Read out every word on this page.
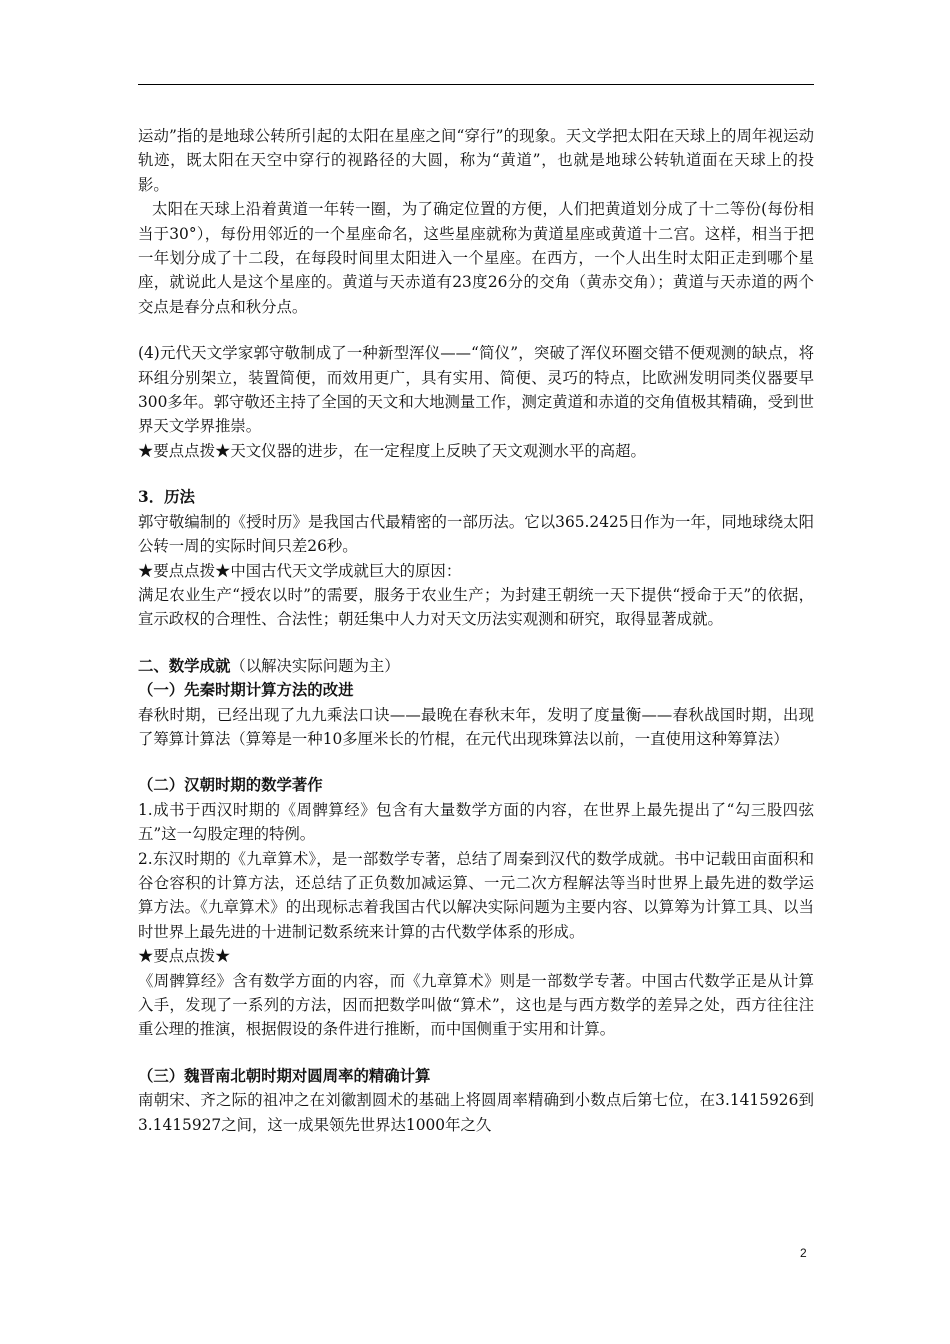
运动”指的是地球公转所引起的太阳在星座之间“穿行”的现象。天文学把太阳在天球上的周年视运动轨迹，既太阳在天空中穿行的视路径的大圆，称为“黄道”，也就是地球公转轨道面在天球上的投影。

太阳在天球上沿着黄道一年转一圈，为了确定位置的方便，人们把黄道划分成了十二等份(每份相当于30°），每份用邻近的一个星座命名，这些星座就称为黄道星座或黄道十二宫。这样，相当于把一年划分成了十二段，在每段时间里太阳进入一个星座。在西方，一个人出生时太阳正走到哪个星座，就说此人是这个星座的。黄道与天赤道有23度26分的交角（黄赤交角）；黄道与天赤道的两个交点是春分点和秋分点。

(4)元代天文学家郭守敬制成了一种新型浑仪——“简仪”，突破了浑仪环圈交错不便观测的缺点，将环组分别架立，装置简便，而效用更广，具有实用、简便、灵巧的特点，比欧洲发明同类仪器要早300多年。郭守敬还主持了全国的天文和大地测量工作，测定黄道和赤道的交角值极其精确，受到世界天文学界推崇。

★要点点拨★天文仪器的进步，在一定程度上反映了天文观测水平的高超。

3．历法

郭守敬编制的《授时历》是我国古代最精密的一部历法。它以365.2425日作为一年，同地球绕太阳公转一周的实际时间只差26秒。

★要点点拨★中国古代天文学成就巨大的原因：

满足农业生产“授农以时”的需要，服务于农业生产；为封建王朝统一天下提供“授命于天”的依据，宣示政权的合理性、合法性；朝廷集中人力对天文历法实观测和研究，取得显著成就。

二、数学成就（以解决实际问题为主）

（一）先秦时期计算方法的改进

春秋时期，已经出现了九九乘法口诀——最晚在春秋末年，发明了度量衡——春秋战国时期，出现了筹算计算法（算筹是一种10多厘米长的竹棍，在元代出现珠算法以前，一直使用这种筹算法）

（二）汉朝时期的数学著作

1.成书于西汉时期的《周髀算经》包含有大量数学方面的内容，在世界上最先提出了“勾三股四弦五”这一勾股定理的特例。

2.东汉时期的《九章算术》，是一部数学专著，总结了周秦到汉代的数学成就。书中记载田亩面积和谷仓容积的计算方法，还总结了正负数加减运算、一元二次方程解法等当时世界上最先进的数学运算方法。《九章算术》的出现标志着我国古代以解决实际问题为主要内容、以算筹为计算工具、以当时世界上最先进的十进制记数系统来计算的古代数学体系的形成。

★要点点拨★

《周髀算经》含有数学方面的内容，而《九章算术》则是一部数学专著。中国古代数学正是从计算入手，发现了一系列的方法，因而把数学叫做“算术”，这也是与西方数学的差异之处，西方往往注重公理的推演，根据假设的条件进行推断，而中国侧重于实用和计算。

（三）魏晋南北朝时期对圆周率的精确计算

南朝宋、齐之际的祖冲之在刘徽割圆术的基础上将圆周率精确到小数点后第七位，在3.1415926到3.1415927之间，这一成果领先世界达1000年之久

2
